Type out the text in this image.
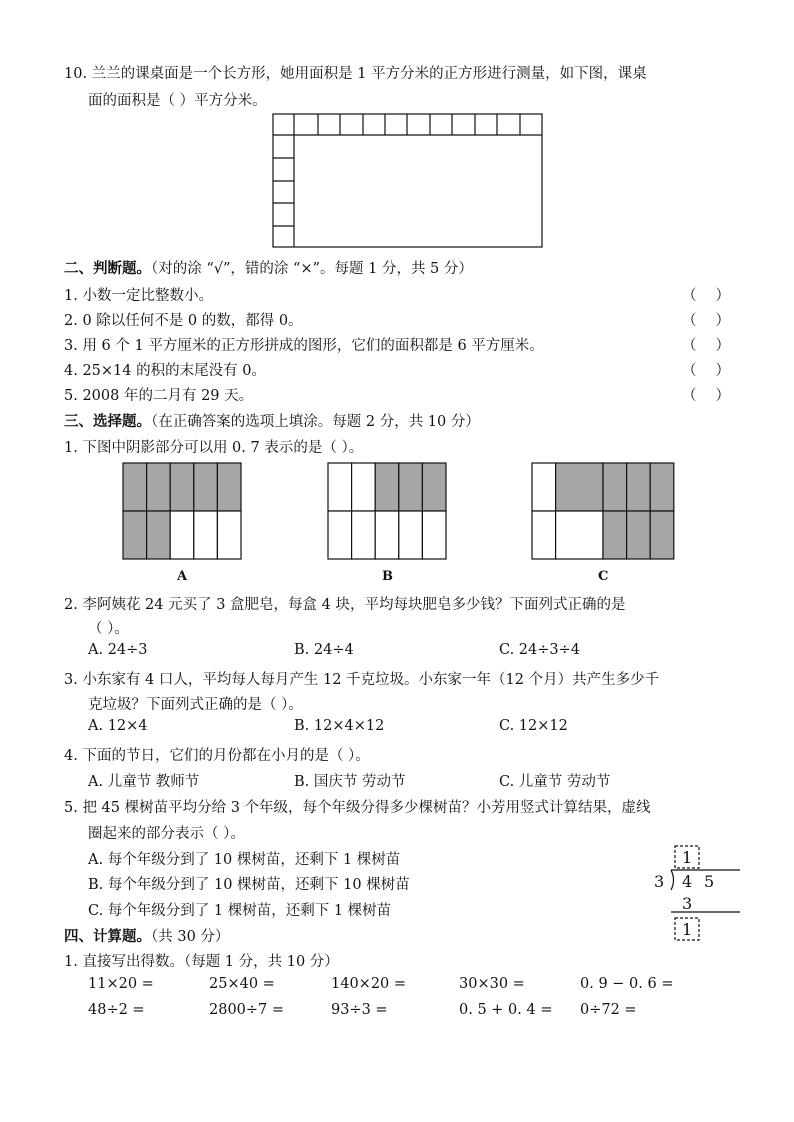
10. 兰兰的课桌面是一个长方形，她用面积是 1 平方分米的正方形进行测量，如下图，课桌
面的面积是（ ）平方分米。
二、判断题。（对的涂 “√”，错的涂 “×”。每题 1 分，共 5 分）
1. 小数一定比整数小。	（ ）
2. 0 除以任何不是 0 的数，都得 0。	（ ）
3. 用 6 个 1 平方厘米的正方形拼成的图形，它们的面积都是 6 平方厘米。	（ ）
4. 25×14 的积的末尾没有 0。	（ ）
5. 2008 年的二月有 29 天。	（ ）
三、选择题。（在正确答案的选项上填涂。每题 2 分，共 10 分）
1. 下图中阴影部分可以用 0. 7 表示的是（ ）。
A	B	C
2. 李阿姨花 24 元买了 3 盒肥皂，每盒 4 块，平均每块肥皂多少钱？下面列式正确的是
（ ）。
A. 24÷3	B. 24÷4	C. 24÷3÷4
3. 小东家有 4 口人，平均每人每月产生 12 千克垃圾。小东家一年（12 个月）共产生多少千
克垃圾？下面列式正确的是（ ）。
A. 12×4	B. 12×4×12	C. 12×12
4. 下面的节日，它们的月份都在小月的是（ ）。
A. 儿童节 教师节	B. 国庆节 劳动节	C. 儿童节 劳动节
5. 把 45 棵树苗平均分给 3 个年级，每个年级分得多少棵树苗？小芳用竖式计算结果，虚线
圈起来的部分表示（ ）。
A. 每个年级分到了 10 棵树苗，还剩下 1 棵树苗
B. 每个年级分到了 10 棵树苗，还剩下 10 棵树苗
C. 每个年级分到了 1 棵树苗，还剩下 1 棵树苗
1
3 4 5
3
1
四、计算题。（共 30 分）
1. 直接写出得数。（每题 1 分，共 10 分）
11×20 =	25×40 =	140×20 =	30×30 =	0. 9 − 0. 6 =
48÷2 =	2800÷7 =	93÷3 =	0. 5 + 0. 4 = 0÷72 =
